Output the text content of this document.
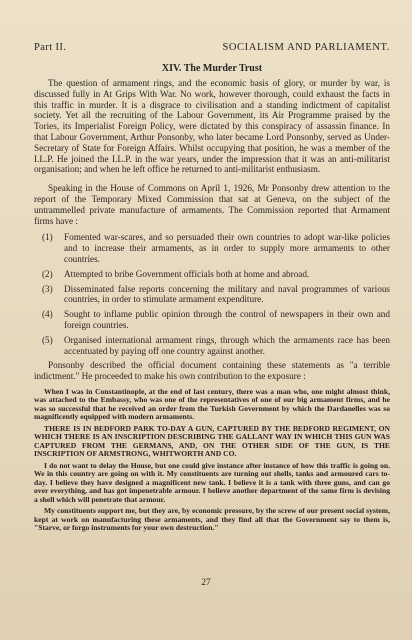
Part II.	SOCIALISM AND PARLIAMENT.
XIV. The Murder Trust

The question of armament rings, and the economic basis of glory, or murder by war, is discussed fully in At Grips With War. No work, however thorough, could exhaust the facts in this traffic in murder. It is a disgrace to civilisation and a standing indictment of capitalist society. Yet all the recruiting of the Labour Government, its Air Programme praised by the Tories, its Imperialist Foreign Policy, were dictated by this conspiracy of assassin finance. In that Labour Government, Arthur Ponsonby, who later became Lord Ponsonby, served as Under-Secretary of State for Foreign Affairs. Whilst occupying that position, he was a member of the I.L.P. He joined the I.L.P. in the war years, under the impression that it was an anti-militarist organisation; and when he left office he returned to anti-militarist enthusiasm.

Speaking in the House of Commons on April 1, 1926, Mr Ponsonby drew attention to the report of the Temporary Mixed Commission that sat at Geneva, on the subject of the untrammelled private manufacture of armaments. The Commission reported that Armament firms have :

(1)	Fomented war-scares, and so persuaded their own countries to adopt war-like policies and to increase their armaments, as in order to supply more armaments to other countries.
(2)	Attempted to bribe Government officials both at home and abroad.
(3)	Disseminated false reports concerning the military and naval programmes of various countries, in order to stimulate armament expenditure.
(4)	Sought to inflame public opinion through the control of newspapers in their own and foreign countries.
(5)	Organised international armament rings, through which the armaments race has been accentuated by paying off one country against another.

Ponsonby described the official document containing these statements as "a terrible indictment." He proceeded to make his own contribution to the exposure :

When I was in Constantinople, at the end of last century, there was a man who, one might almost think, was attached to the Embassy, who was one of the representatives of one of our big armament firms, and he was so successful that he received an order from the Turkish Government by which the Dardanelles was so magnificently equipped with modern armaments.

THERE IS IN BEDFORD PARK TO-DAY A GUN, CAPTURED BY THE BEDFORD REGIMENT, ON WHICH THERE IS AN INSCRIPTION DESCRIBING THE GALLANT WAY IN WHICH THIS GUN WAS CAPTURED FROM THE GERMANS, AND, ON THE OTHER SIDE OF THE GUN, IS THE INSCRIPTION OF ARMSTRONG, WHITWORTH AND CO.

I do not want to delay the House, but one could give instance after instance of how this traffic is going on. We in this country are going on with it. My constituents are turning out shells, tanks and armoured cars to-day. I believe they have designed a magnificent new tank. I believe it is a tank with three guns, and can go over everything, and has got impenetrable armour. I believe another department of the same firm is devising a shell which will penetrate that armour.

My constituents support me, but they are, by economic pressure, by the screw of our present social system, kept at work on manufacturing these armaments, and they find all that the Government say to them is, "Starve, or forgo instruments for your own destruction."

27
